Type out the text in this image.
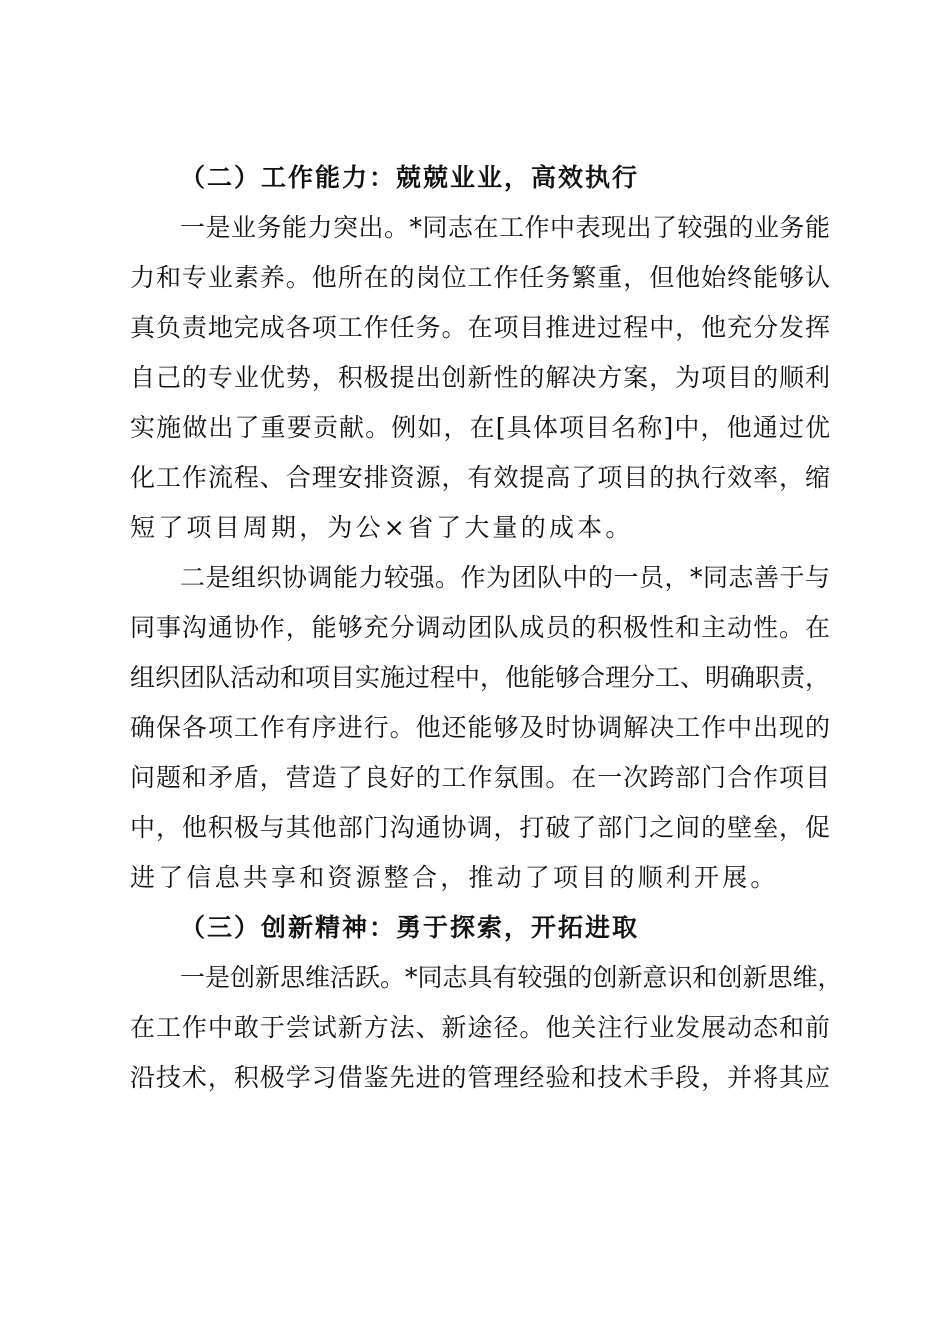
（二）工作能力：兢兢业业，高效执行
一是业务能力突出。*同志在工作中表现出了较强的业务能
力和专业素养。他所在的岗位工作任务繁重，但他始终能够认
真负责地完成各项工作任务。在项目推进过程中，他充分发挥
自己的专业优势，积极提出创新性的解决方案，为项目的顺利
实施做出了重要贡献。例如，在[具体项目名称]中，他通过优
化工作流程、合理安排资源，有效提高了项目的执行效率，缩
短了项目周期，为公×省了大量的成本。
二是组织协调能力较强。作为团队中的一员，*同志善于与
同事沟通协作，能够充分调动团队成员的积极性和主动性。在
组织团队活动和项目实施过程中，他能够合理分工、明确职责，
确保各项工作有序进行。他还能够及时协调解决工作中出现的
问题和矛盾，营造了良好的工作氛围。在一次跨部门合作项目
中，他积极与其他部门沟通协调，打破了部门之间的壁垒，促
进了信息共享和资源整合，推动了项目的顺利开展。
（三）创新精神：勇于探索，开拓进取
一是创新思维活跃。*同志具有较强的创新意识和创新思维，
在工作中敢于尝试新方法、新途径。他关注行业发展动态和前
沿技术，积极学习借鉴先进的管理经验和技术手段，并将其应
